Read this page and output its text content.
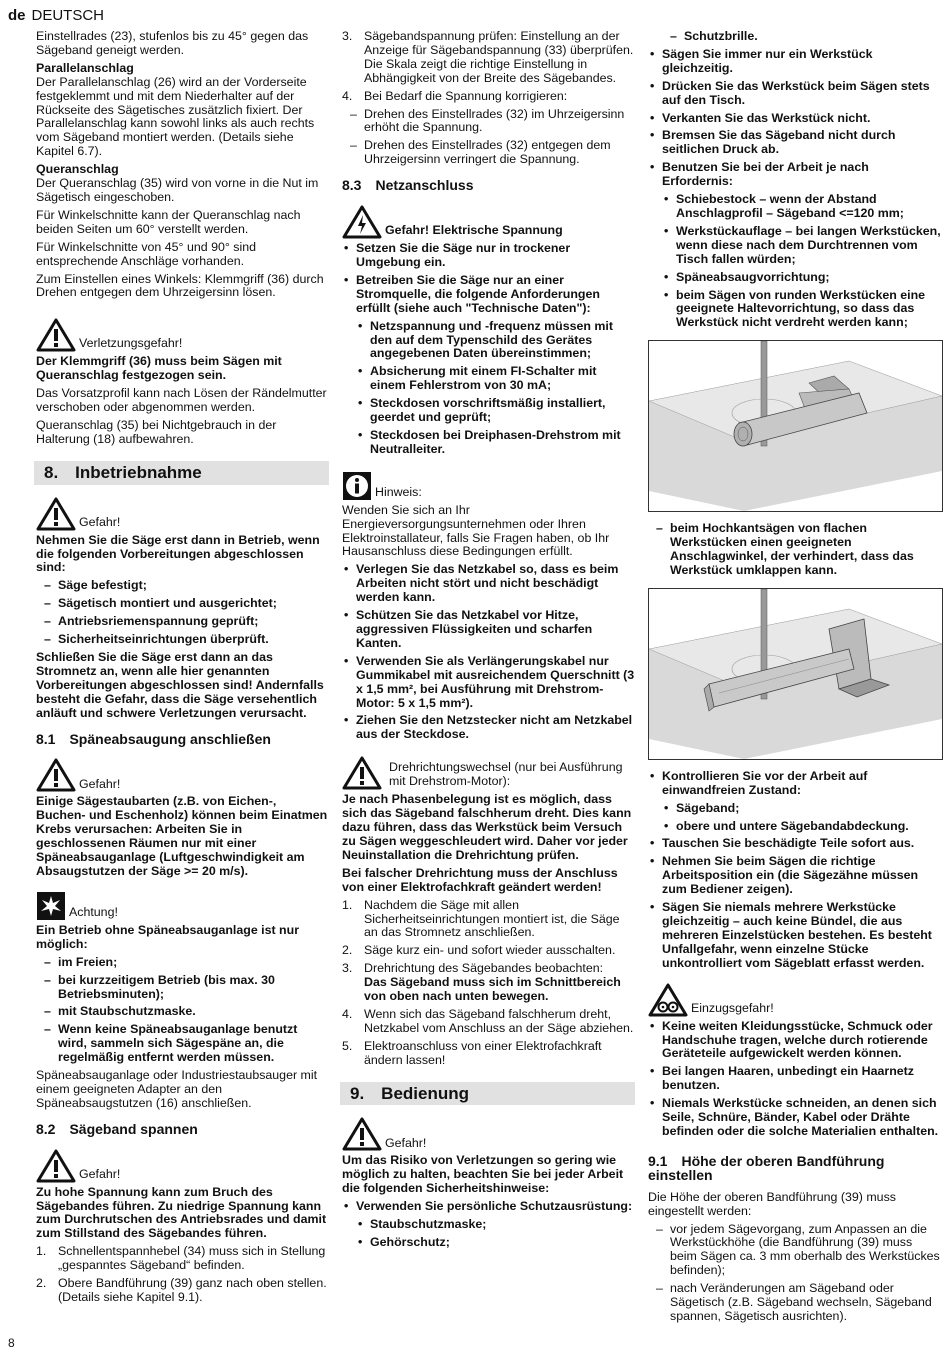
de DEUTSCH
8

Einstellrades (23), stufenlos bis zu 45° gegen das Sägeband geneigt werden.

Parallelanschlag

Der Parallelanschlag (26) wird an der Vorderseite festgeklemmt und mit dem Niederhalter auf der Rückseite des Sägetisches zusätzlich fixiert. Der Parallelanschlag kann sowohl links als auch rechts vom Sägeband montiert werden. (Details siehe Kapitel 6.7).

Queranschlag

Der Queranschlag (35) wird von vorne in die Nut im Sägetisch eingeschoben.

Für Winkelschnitte kann der Queranschlag nach beiden Seiten um 60° verstellt werden.

Für Winkelschnitte von 45° und 90° sind entsprechende Anschläge vorhanden.

Zum Einstellen eines Winkels: Klemmgriff (36) durch Drehen entgegen dem Uhrzeigersinn lösen.

Verletzungsgefahr!

Der Klemmgriff (36) muss beim Sägen mit Queranschlag festgezogen sein.

Das Vorsatzprofil kann nach Lösen der Rändelmutter verschoben oder abgenommen werden.

Queranschlag (35) bei Nichtgebrauch in der Halterung (18) aufbewahren.

8. Inbetriebnahme
Gefahr!

Nehmen Sie die Säge erst dann in Betrieb, wenn die folgenden Vorbereitungen abgeschlossen sind:

– Säge befestigt;
– Sägetisch montiert und ausgerichtet;
– Antriebsriemenspannung geprüft;
– Sicherheitseinrichtungen überprüft.

Schließen Sie die Säge erst dann an das Stromnetz an, wenn alle hier genannten Vorbereitungen abgeschlossen sind! Andernfalls besteht die Gefahr, dass die Säge versehentlich anläuft und schwere Verletzungen verursacht.

8.1 Späneabsaugung anschließen
Gefahr!

Einige Sägestaubarten (z.B. von Eichen-, Buchen- und Eschenholz) können beim Einatmen Krebs verursachen: Arbeiten Sie in geschlossenen Räumen nur mit einer Späneabsauganlage (Luftgeschwindigkeit am Absaugstutzen der Säge >= 20 m/s).

Achtung!

Ein Betrieb ohne Späneabsauganlage ist nur möglich:

– im Freien;
– bei kurzzeitigem Betrieb (bis max. 30 Betriebsminuten);
– mit Staubschutzmaske.
– Wenn keine Späneabsauganlage benutzt wird, sammeln sich Sägespäne an, die regelmäßig entfernt werden müssen.

Späneabsauganlage oder Industriestaubsauger mit einem geeigneten Adapter an den Späneabsaugstutzen (16) anschließen.

8.2 Sägeband spannen
Gefahr!

Zu hohe Spannung kann zum Bruch des Sägebandes führen. Zu niedrige Spannung kann zum Durchrutschen des Antriebsrades und damit zum Stillstand des Sägebandes führen.

1. Schnellentspannhebel (34) muss sich in Stellung „gespanntes Sägeband“ befinden.
2. Obere Bandführung (39) ganz nach oben stellen. (Details siehe Kapitel 9.1).
3. Sägebandspannung prüfen: Einstellung an der Anzeige für Sägebandspannung (33) überprüfen. Die Skala zeigt die richtige Einstellung in Abhängigkeit von der Breite des Sägebandes.
4. Bei Bedarf die Spannung korrigieren:
– Drehen des Einstellrades (32) im Uhrzeigersinn erhöht die Spannung.
– Drehen des Einstellrades (32) entgegen dem Uhrzeigersinn verringert die Spannung.
8.3 Netzanschluss
Gefahr! Elektrische Spannung
• Setzen Sie die Säge nur in trockener Umgebung ein.
• Betreiben Sie die Säge nur an einer Stromquelle, die folgende Anforderungen erfüllt (siehe auch "Technische Daten"):
• Netzspannung und -frequenz müssen mit den auf dem Typenschild des Gerätes angegebenen Daten übereinstimmen;
• Absicherung mit einem FI-Schalter mit einem Fehlerstrom von 30 mA;
• Steckdosen vorschriftsmäßig installiert, geerdet und geprüft;
• Steckdosen bei Dreiphasen-Drehstrom mit Neutralleiter.
Hinweis:

Wenden Sie sich an Ihr Energieversorgungsunternehmen oder Ihren Elektroinstallateur, falls Sie Fragen haben, ob Ihr Hausanschluss diese Bedingungen erfüllt.

• Verlegen Sie das Netzkabel so, dass es beim Arbeiten nicht stört und nicht beschädigt werden kann.
• Schützen Sie das Netzkabel vor Hitze, aggressiven Flüssigkeiten und scharfen Kanten.
• Verwenden Sie als Verlängerungskabel nur Gummikabel mit ausreichendem Querschnitt (3 x 1,5 mm², bei Ausführung mit Drehstrom-Motor: 5 x 1,5 mm²).
• Ziehen Sie den Netzstecker nicht am Netzkabel aus der Steckdose.
Drehrichtungswechsel (nur bei Ausführung mit Drehstrom-Motor):

Je nach Phasenbelegung ist es möglich, dass sich das Sägeband falschherum dreht. Dies kann dazu führen, dass das Werkstück beim Versuch zu Sägen weggeschleudert wird. Daher vor jeder Neuinstallation die Drehrichtung prüfen.

Bei falscher Drehrichtung muss der Anschluss von einer Elektrofachkraft geändert werden!

1. Nachdem die Säge mit allen Sicherheitseinrichtungen montiert ist, die Säge an das Stromnetz anschließen.
2. Säge kurz ein- und sofort wieder ausschalten.
3. Drehrichtung des Sägebandes beobachten:
Das Sägeband muss sich im Schnittbereich von oben nach unten bewegen.
4. Wenn sich das Sägeband falschherum dreht, Netzkabel vom Anschluss an der Säge abziehen.
5. Elektroanschluss von einer Elektrofachkraft ändern lassen!
9. Bedienung
Gefahr!

Um das Risiko von Verletzungen so gering wie möglich zu halten, beachten Sie bei jeder Arbeit die folgenden Sicherheitshinweise:

• Verwenden Sie persönliche Schutzausrüstung:
• Staubschutzmaske;
• Gehörschutz;
– Schutzbrille.
• Sägen Sie immer nur ein Werkstück gleichzeitig.
• Drücken Sie das Werkstück beim Sägen stets auf den Tisch.
• Verkanten Sie das Werkstück nicht.
• Bremsen Sie das Sägeband nicht durch seitlichen Druck ab.
• Benutzen Sie bei der Arbeit je nach Erfordernis:
• Schiebestock – wenn der Abstand Anschlagprofil – Sägeband <=120 mm;
• Werkstückauflage – bei langen Werkstücken, wenn diese nach dem Durchtrennen vom Tisch fallen würden;
• Späneabsaugvorrichtung;
• beim Sägen von runden Werkstücken eine geeignete Haltevorrichtung, so dass das Werkstück nicht verdreht werden kann;
– beim Hochkantsägen von flachen Werkstücken einen geeigneten Anschlagwinkel, der verhindert, dass das Werkstück umklappen kann.
• Kontrollieren Sie vor der Arbeit auf einwandfreien Zustand:
• Sägeband;
• obere und untere Sägebandabdeckung.
• Tauschen Sie beschädigte Teile sofort aus.
• Nehmen Sie beim Sägen die richtige Arbeitsposition ein (die Sägezähne müssen zum Bediener zeigen).
• Sägen Sie niemals mehrere Werkstücke gleichzeitig – auch keine Bündel, die aus mehreren Einzelstücken bestehen. Es besteht Unfallgefahr, wenn einzelne Stücke unkontrolliert vom Sägeblatt erfasst werden.
Einzugsgefahr!
• Keine weiten Kleidungsstücke, Schmuck oder Handschuhe tragen, welche durch rotierende Geräteteile aufgewickelt werden können.
• Bei langen Haaren, unbedingt ein Haarnetz benutzen.
• Niemals Werkstücke schneiden, an denen sich Seile, Schnüre, Bänder, Kabel oder Drähte befinden oder die solche Materialien enthalten.
9.1 Höhe der oberen Bandführung einstellen

Die Höhe der oberen Bandführung (39) muss eingestellt werden:

– vor jedem Sägevorgang, zum Anpassen an die Werkstückhöhe (die Bandführung (39) muss beim Sägen ca. 3 mm oberhalb des Werkstückes befinden);
– nach Veränderungen am Sägeband oder Sägetisch (z.B. Sägeband wechseln, Sägeband spannen, Sägetisch ausrichten).
